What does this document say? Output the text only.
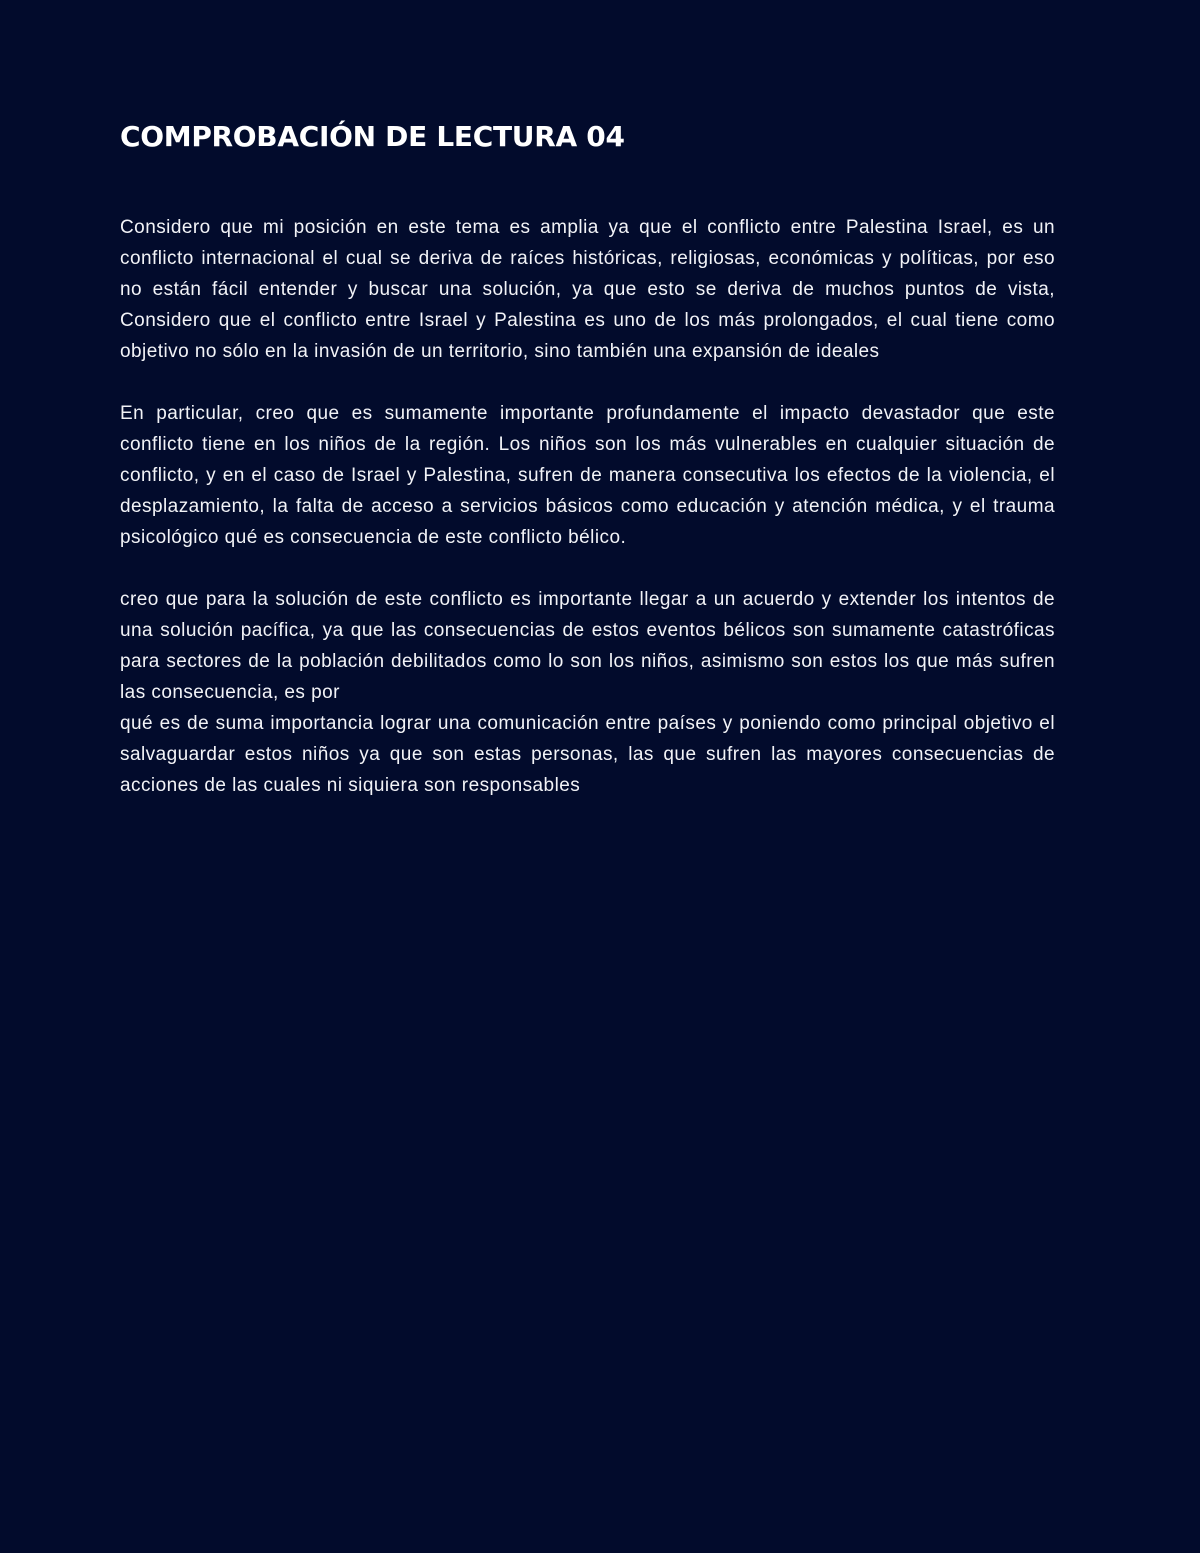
COMPROBACIÓN DE LECTURA 04

Considero que mi posición en este tema es amplia ya que el conflicto entre Palestina Israel, es un conflicto internacional el cual se deriva de raíces históricas, religiosas, económicas y políticas, por eso no están fácil entender y buscar una solución, ya que esto se deriva de muchos puntos de vista, Considero que el conflicto entre Israel y Palestina es uno de los más prolongados, el cual tiene como objetivo no sólo en la invasión de un territorio, sino también una expansión de ideales

En particular, creo que es sumamente importante profundamente el impacto devastador que este conflicto tiene en los niños de la región. Los niños son los más vulnerables en cualquier situación de conflicto, y en el caso de Israel y Palestina, sufren de manera consecutiva los efectos de la violencia, el desplazamiento, la falta de acceso a servicios básicos como educación y atención médica, y el trauma psicológico qué es consecuencia de este conflicto bélico.

creo que para la solución de este conflicto es importante llegar a un acuerdo y extender los intentos de una solución pacífica, ya que las consecuencias de estos eventos bélicos son sumamente catastróficas para sectores de la población debilitados como lo son los niños, asimismo son estos los que más sufren las consecuencia, es por

qué es de suma importancia lograr una comunicación entre países y poniendo como principal objetivo el salvaguardar estos niños ya que son estas personas, las que sufren las mayores consecuencias de acciones de las cuales ni siquiera son responsables
